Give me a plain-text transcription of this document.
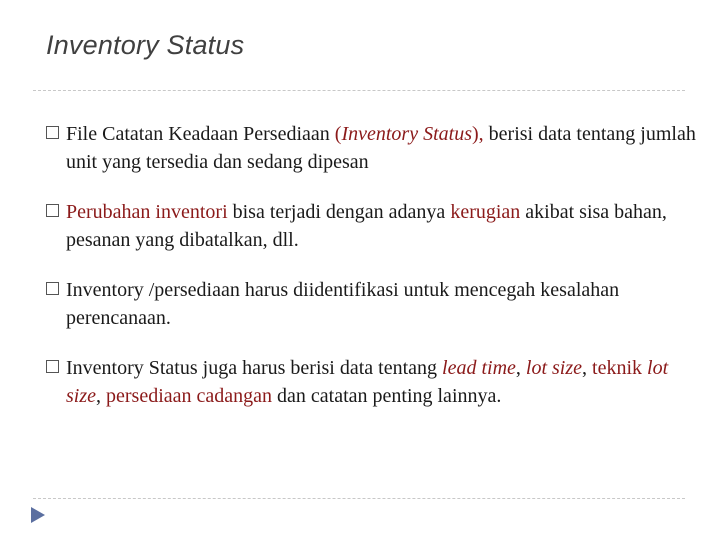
Inventory Status
File Catatan Keadaan Persediaan (Inventory Status), berisi data tentang jumlah unit yang tersedia dan sedang dipesan
Perubahan inventori bisa terjadi dengan adanya kerugian akibat sisa bahan, pesanan yang dibatalkan, dll.
Inventory /persediaan harus diidentifikasi untuk mencegah kesalahan perencanaan.
Inventory Status juga harus berisi data tentang lead time, lot size, teknik lot size, persediaan cadangan dan catatan penting lainnya.
